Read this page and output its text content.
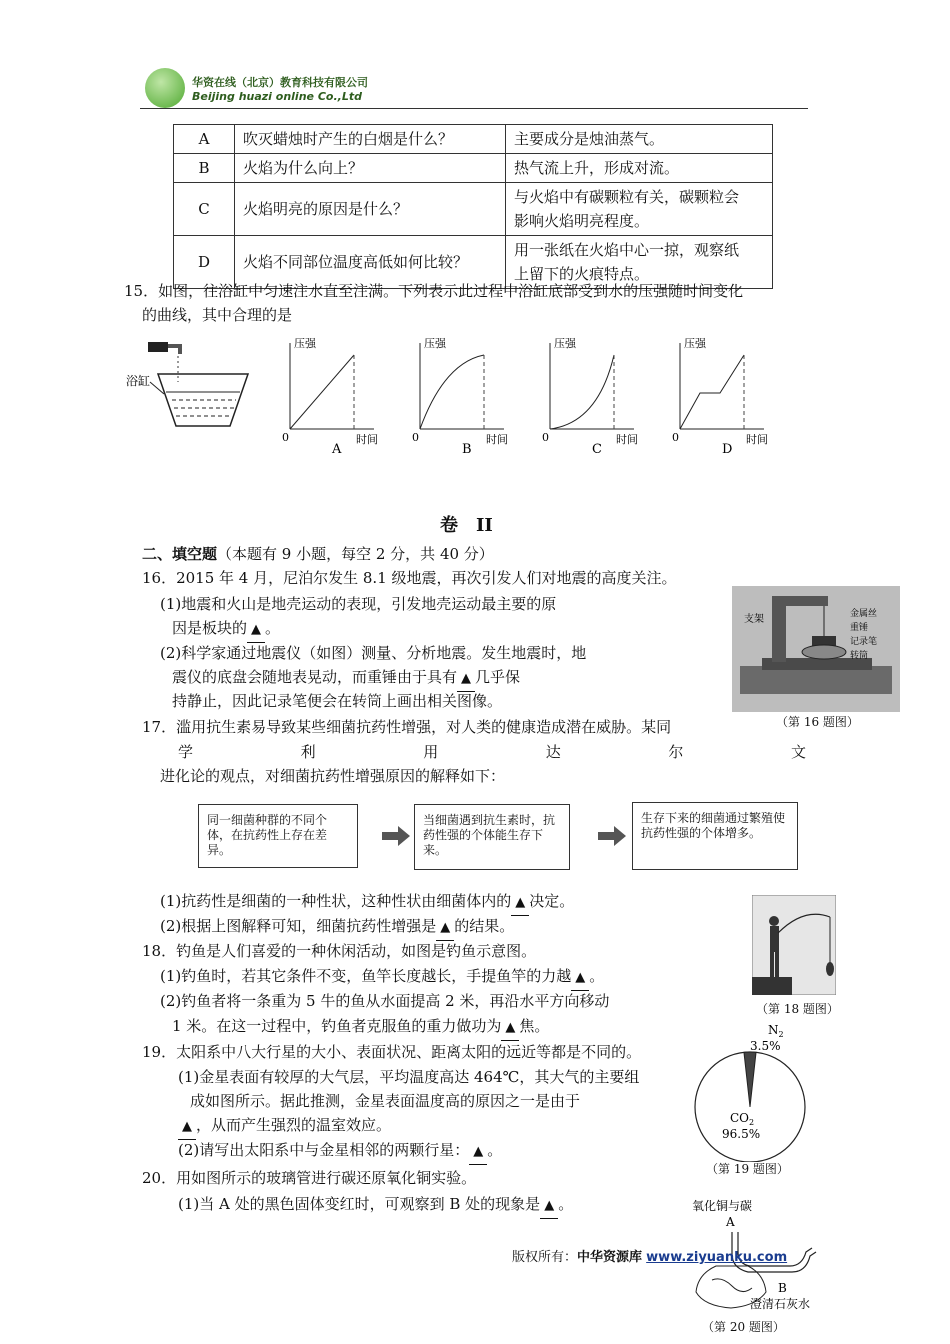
华资在线（北京）教育科技有限公司
Beijing huazi online Co.,Ltd
A	吹灭蜡烛时产生的白烟是什么？	主要成分是烛油蒸气。
B	火焰为什么向上？	热气流上升，形成对流。
C	火焰明亮的原因是什么？	与火焰中有碳颗粒有关，碳颗粒会
影响火焰明亮程度。
D	火焰不同部位温度高低如何比较？	用一张纸在火焰中心一掠，观察纸
上留下的火痕特点。
15．如图，往浴缸中匀速注水直至注满。下列表示此过程中浴缸底部受到水的压强随时间变化
的曲线，其中合理的是
浴缸
压强
0	时间
A
压强
0	时间
B
压强
0	时间
C
压强
0	时间
D
卷　II
二、填空题（本题有 9 小题，每空 2 分，共 40 分）
16．2015 年 4 月，尼泊尔发生 8.1 级地震，再次引发人们对地震的高度关注。
(1)地震和火山是地壳运动的表现，引发地壳运动最主要的原
因是板块的 ▲ 。
(2)科学家通过地震仪（如图）测量、分析地震。发生地震时，地
震仪的底盘会随地表晃动，而重锤由于具有 ▲ 几乎保
持静止，因此记录笔便会在转筒上画出相关图像。
支架	金属丝
重锤
记录笔
转筒
（第 16 题图）
17．滥用抗生素易导致某些细菌抗药性增强，对人类的健康造成潜在威胁。某同
学	利	用	达	尔	文
进化论的观点，对细菌抗药性增强原因的解释如下：
同一细菌种群的不同个体，在抗药性上存在差异。
当细菌遇到抗生素时，抗药性强的个体能生存下来。
生存下来的细菌通过繁殖使抗药性强的个体增多。
(1)抗药性是细菌的一种性状，这种性状由细菌体内的 ▲ 决定。
(2)根据上图解释可知，细菌抗药性增强是 ▲ 的结果。
18．钓鱼是人们喜爱的一种休闲活动，如图是钓鱼示意图。
(1)钓鱼时，若其它条件不变，鱼竿长度越长，手提鱼竿的力越 ▲ 。
(2)钓鱼者将一条重为 5 牛的鱼从水面提高 2 米，再沿水平方向移动
1 米。在这一过程中，钓鱼者克服鱼的重力做功为 ▲ 焦。
（第 18 题图）
19．太阳系中八大行星的大小、表面状况、距离太阳的远近等都是不同的。
(1)金星表面有较厚的大气层，平均温度高达 464℃，其大气的主要组
成如图所示。据此推测，金星表面温度高的原因之一是由于
▲ ，从而产生强烈的温室效应。
(2)请写出太阳系中与金星相邻的两颗行星： ▲ 。
$N_2$
3.5%
$CO_2$
96.5%
（第 19 题图）
20．用如图所示的玻璃管进行碳还原氧化铜实验。
(1)当 A 处的黑色固体变红时，可观察到 B 处的现象是 ▲ 。	氧化铜与碳
A
B
澄清石灰水
（第 20 题图）
版权所有：中华资源库 www.ziyuanku.com
